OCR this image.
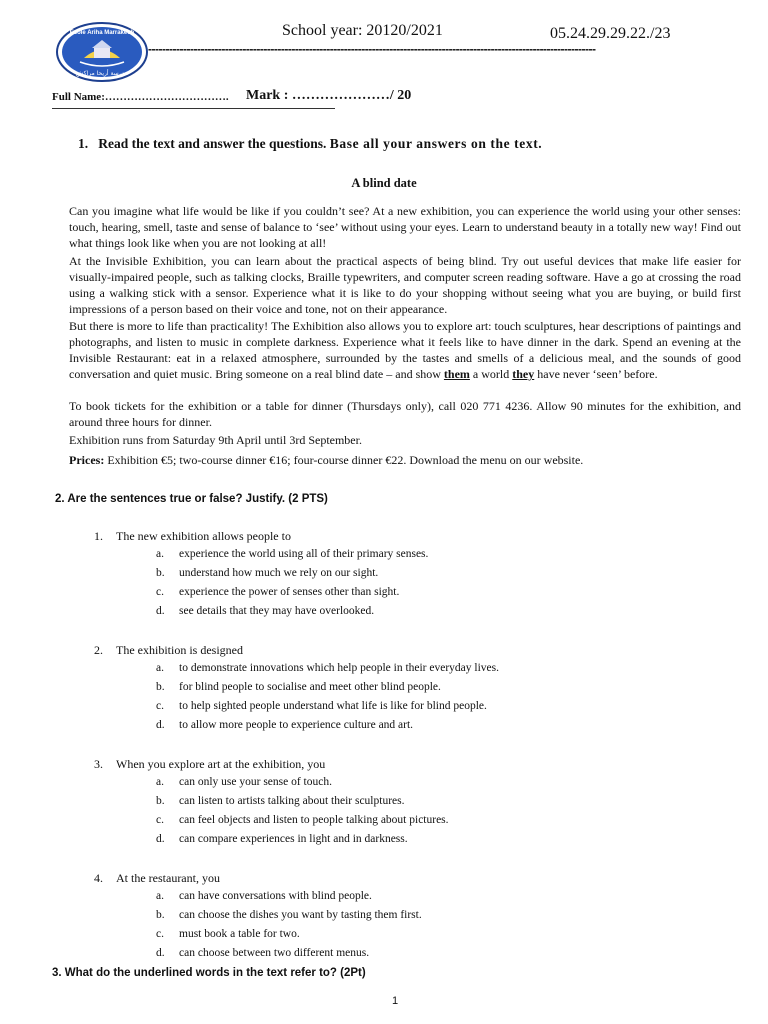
Ecole Ariha Marrakech
مدرسة أريحا مراكش
School year: 20120/2021	05.24.29.29.22./23
--------------------------------------------------------------------------------------------------------------------------------
Full Name:……………………………. Mark : …………………/ 20
1. Read the text and answer the questions. Base all your answers on the text.
A blind date
Can you imagine what life would be like if you couldn’t see? At a new exhibition, you can experience the world using your other senses: touch, hearing, smell, taste and sense of balance to ‘see’ without using your eyes. Learn to understand beauty in a totally new way! Find out what things look like when you are not looking at all!
At the Invisible Exhibition, you can learn about the practical aspects of being blind. Try out useful devices that make life easier for visually-impaired people, such as talking clocks, Braille typewriters, and computer screen reading software. Have a go at crossing the road using a walking stick with a sensor. Experience what it is like to do your shopping without seeing what you are buying, or build first impressions of a person based on their voice and tone, not on their appearance.
But there is more to life than practicality! The Exhibition also allows you to explore art: touch sculptures, hear descriptions of paintings and photographs, and listen to music in complete darkness. Experience what it feels like to have dinner in the dark. Spend an evening at the Invisible Restaurant: eat in a relaxed atmosphere, surrounded by the tastes and smells of a delicious meal, and the sounds of good conversation and quiet music. Bring someone on a real blind date – and show them a world they have never ‘seen’ before.
To book tickets for the exhibition or a table for dinner (Thursdays only), call 020 771 4236. Allow 90 minutes for the exhibition, and around three hours for dinner.
Exhibition runs from Saturday 9th April until 3rd September.
Prices: Exhibition €5; two-course dinner €16; four-course dinner €22. Download the menu on our website.
2. Are the sentences true or false? Justify. (2 PTS)
1. The new exhibition allows people to
a. experience the world using all of their primary senses.
b. understand how much we rely on our sight.
c. experience the power of senses other than sight.
d. see details that they may have overlooked.
2. The exhibition is designed
a. to demonstrate innovations which help people in their everyday lives.
b. for blind people to socialise and meet other blind people.
c. to help sighted people understand what life is like for blind people.
d. to allow more people to experience culture and art.
3. When you explore art at the exhibition, you
a. can only use your sense of touch.
b. can listen to artists talking about their sculptures.
c. can feel objects and listen to people talking about pictures.
d. can compare experiences in light and in darkness.
4. At the restaurant, you
a. can have conversations with blind people.
b. can choose the dishes you want by tasting them first.
c. must book a table for two.
d. can choose between two different menus.
3. What do the underlined words in the text refer to? (2Pt)
1
